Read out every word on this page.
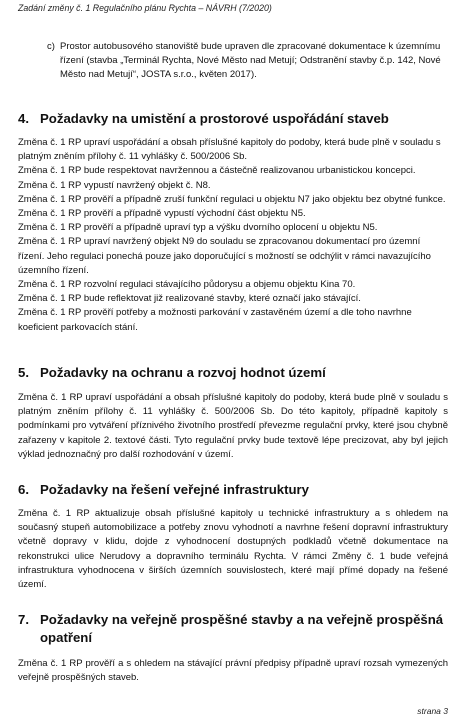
Zadání změny č. 1 Regulačního plánu Rychta – NÁVRH (7/2020)
c) Prostor autobusového stanoviště bude upraven dle zpracované dokumentace k územnímu řízení (stavba „Terminál Rychta, Nové Město nad Metují; Odstranění stavby č.p. 142, Nové Město nad Metují“, JOSTA s.r.o., květen 2017).
4. Požadavky na umistění a prostorové uspořádání staveb

Změna č. 1 RP upraví uspořádání a obsah příslušné kapitoly do podoby, která bude plně v souladu s platným zněním přílohy č. 11 vyhlášky č. 500/2006 Sb.

Změna č. 1 RP bude respektovat navržennou a částečně realizovanou urbanistickou koncepci.

Změna č. 1 RP vypustí navržený objekt č. N8.

Změna č. 1 RP prověří a případně zruší funkční regulaci u objektu N7 jako objektu bez obytné funkce.

Změna č. 1 RP prověří a případně vypustí východní část objektu N5.

Změna č. 1 RP prověří a případně upraví typ a výšku dvorního oplocení u objektu N5.

Změna č. 1 RP upraví navržený objekt N9 do souladu se zpracovanou dokumentací pro územní řízení. Jeho regulaci ponechá pouze jako doporučující s možností se odchýlit v rámci navazujícího územního řízení.

Změna č. 1 RP rozvolní regulaci stávajícího půdorysu a objemu objektu Kina 70.

Změna č. 1 RP bude reflektovat již realizované stavby, které označí jako stávající.

Změna č. 1 RP prověří potřeby a možnosti parkování v zastavěném území a dle toho navrhne koeficient parkovacích stání.

5. Požadavky na ochranu a rozvoj hodnot území
Změna č. 1 RP upraví uspořádání a obsah příslušné kapitoly do podoby, která bude plně v souladu s platným zněním přílohy č. 11 vyhlášky č. 500/2006 Sb. Do této kapitoly, případně kapitoly s podmínkami pro vytváření příznivého životního prostředí převezme regulační prvky, které jsou chybně zařazeny v kapitole 2. textové části. Tyto regulační prvky bude textově lépe precizovat, aby byl jejich výklad jednoznačný pro další rozhodování v území.
6. Požadavky na řešení veřejné infrastruktury
Změna č. 1 RP aktualizuje obsah příslušné kapitoly u technické infrastruktury a s ohledem na současný stupeň automobilizace a potřeby znovu vyhodnotí a navrhne řešení dopravní infrastruktury včetně dopravy v klidu, dojde z vyhodnocení dostupných podkladů včetně dokumentace na rekonstrukci ulice Nerudovy a dopravního terminálu Rychta. V rámci Změny č. 1 bude veřejná infrastruktura vyhodnocena v širších územních souvislostech, které mají přímé dopady na řešené území.
7. Požadavky na veřejně prospěšné stavby a na veřejně prospěšná opatření
Změna č. 1 RP prověří a s ohledem na stávající právní předpisy případně upraví rozsah vymezených veřejně prospěšných staveb.
strana 3
